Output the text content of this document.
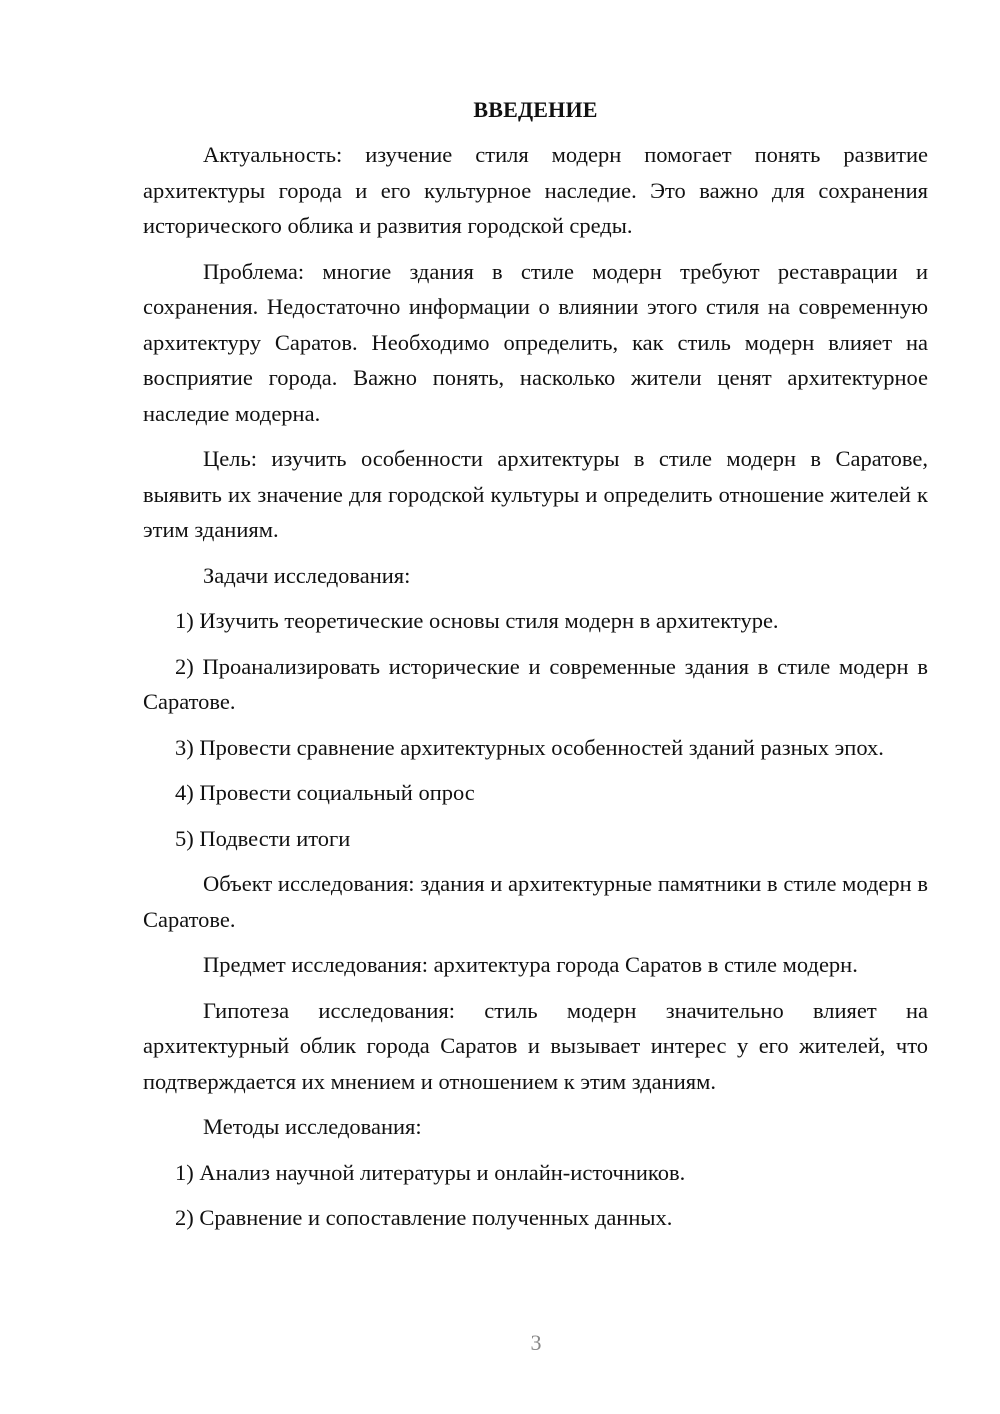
ВВЕДЕНИЕ

Актуальность: изучение стиля модерн помогает понять развитие архитектуры города и его культурное наследие. Это важно для сохранения исторического облика и развития городской среды.

Проблема: многие здания в стиле модерн требуют реставрации и сохранения. Недостаточно информации о влиянии этого стиля на современную архитектуру Саратов. Необходимо определить, как стиль модерн влияет на восприятие города. Важно понять, насколько жители ценят архитектурное наследие модерна.

Цель: изучить особенности архитектуры в стиле модерн в Саратове, выявить их значение для городской культуры и определить отношение жителей к этим зданиям.

Задачи исследования:

1) Изучить теоретические основы стиля модерн в архитектуре.

2) Проанализировать исторические и современные здания в стиле модерн в Саратове.

3) Провести сравнение архитектурных особенностей зданий разных эпох.

4) Провести социальный опрос

5) Подвести итоги

Объект исследования: здания и архитектурные памятники в стиле модерн в Саратове.

Предмет исследования: архитектура города Саратов в стиле модерн.

Гипотеза исследования: стиль модерн значительно влияет на архитектурный облик города Саратов и вызывает интерес у его жителей, что подтверждается их мнением и отношением к этим зданиям.

Методы исследования:

1) Анализ научной литературы и онлайн-источников.

2) Сравнение и сопоставление полученных данных.

3
